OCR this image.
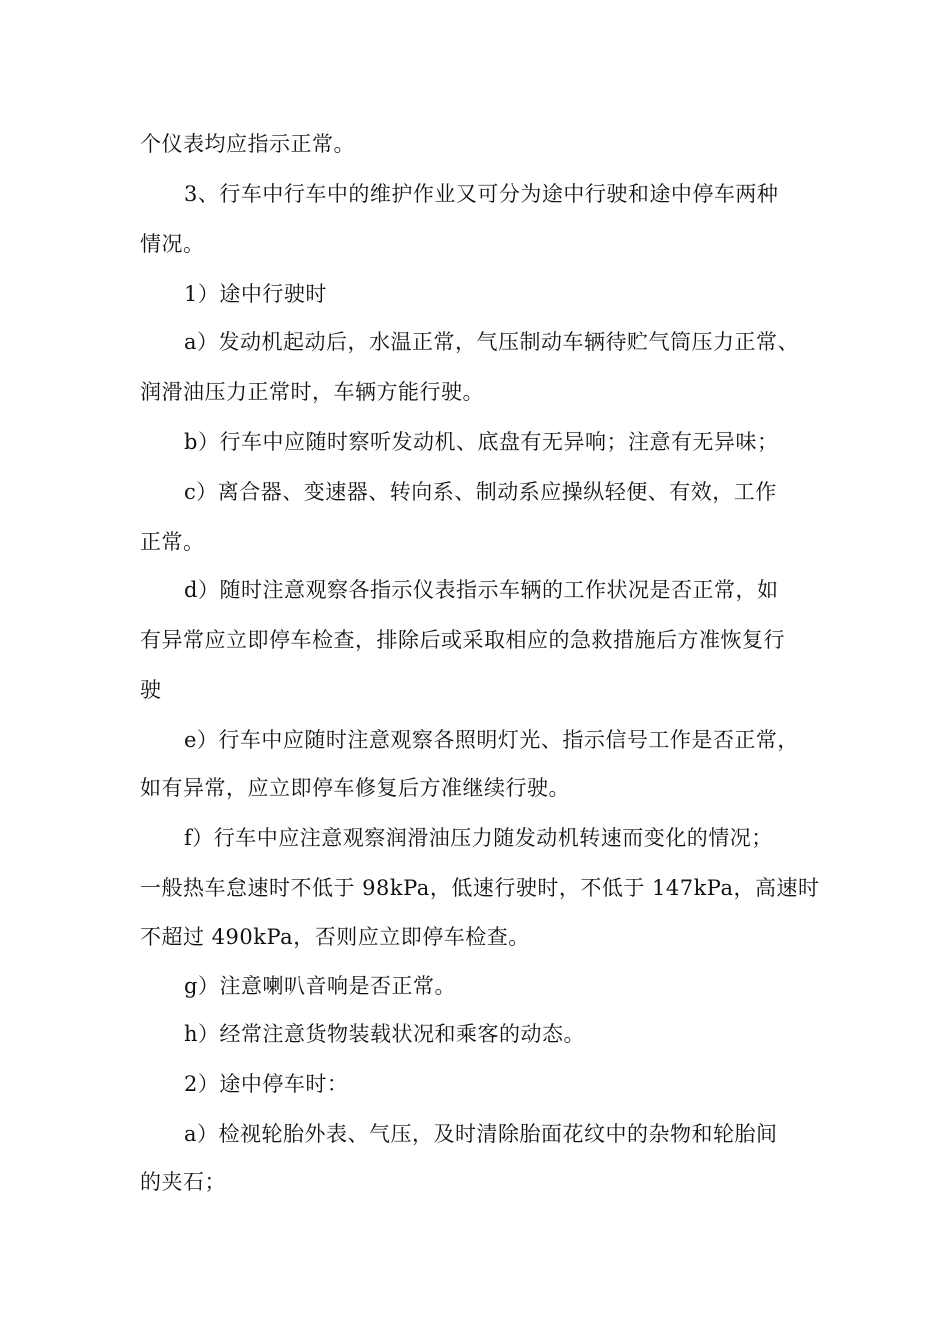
个仪表均应指示正常。
3、行车中行车中的维护作业又可分为途中行驶和途中停车两种
情况。
1）途中行驶时
a）发动机起动后，水温正常，气压制动车辆待贮气筒压力正常、
润滑油压力正常时，车辆方能行驶。
b）行车中应随时察听发动机、底盘有无异响；注意有无异味；
c）离合器、变速器、转向系、制动系应操纵轻便、有效，工作
正常。
d）随时注意观察各指示仪表指示车辆的工作状况是否正常，如
有异常应立即停车检查，排除后或采取相应的急救措施后方准恢复行
驶
e）行车中应随时注意观察各照明灯光、指示信号工作是否正常，
如有异常，应立即停车修复后方准继续行驶。
f）行车中应注意观察润滑油压力随发动机转速而变化的情况；
一般热车怠速时不低于 98kPa，低速行驶时，不低于 147kPa，高速时
不超过 490kPa，否则应立即停车检查。
g）注意喇叭音响是否正常。
h）经常注意货物装载状况和乘客的动态。
2）途中停车时：
a）检视轮胎外表、气压，及时清除胎面花纹中的杂物和轮胎间
的夹石；
